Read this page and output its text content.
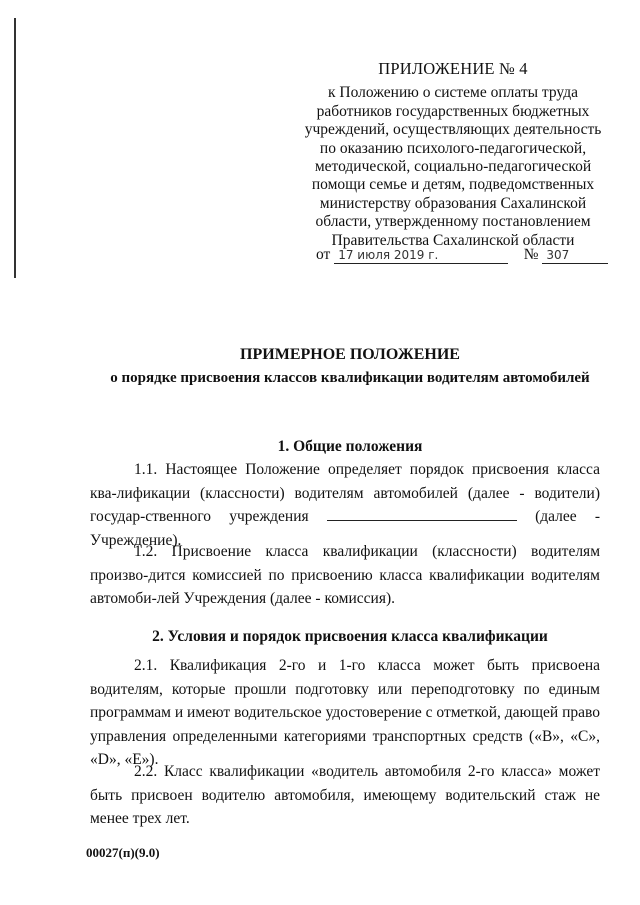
ПРИЛОЖЕНИЕ № 4
к Положению о системе оплаты труда
работников государственных бюджетных
учреждений, осуществляющих деятельность
по оказанию психолого-педагогической,
методической, социально-педагогической
помощи семье и детям, подведомственных
министерству образования Сахалинской
области, утвержденному постановлением
Правительства Сахалинской области
от 17 июля 2019 г.	№ 307
ПРИМЕРНОЕ ПОЛОЖЕНИЕ
о порядке присвоения классов квалификации водителям автомобилей
1. Общие положения
1.1. Настоящее Положение определяет порядок присвоения класса ква-лификации (классности) водителям автомобилей (далее - водители) государ-ственного учреждения	(далее - Учреждение).
1.2. Присвоение класса квалификации (классности) водителям произво-дится комиссией по присвоению класса квалификации водителям автомоби-лей Учреждения (далее - комиссия).
2. Условия и порядок присвоения класса квалификации
2.1. Квалификация 2-го и 1-го класса может быть присвоена водителям, которые прошли подготовку или переподготовку по единым программам и имеют водительское удостоверение с отметкой, дающей право управления определенными категориями транспортных средств («В», «С», «D», «Е»).
2.2. Класс квалификации «водитель автомобиля 2-го класса» может быть присвоен водителю автомобиля, имеющему водительский стаж не менее трех лет.
00027(п)(9.0)
